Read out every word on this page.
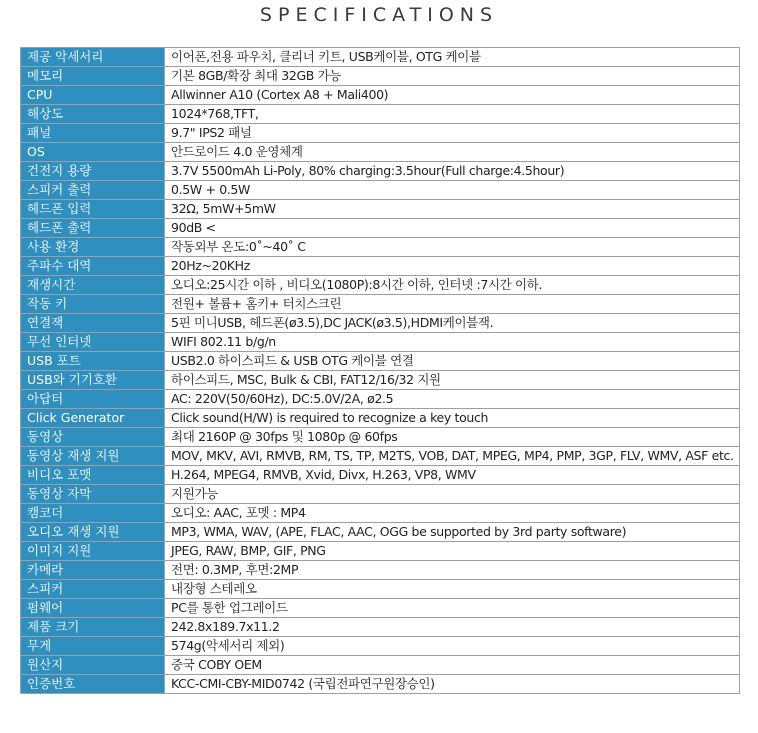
SPECIFICATIONS
제공 악세서리	이어폰,전용 파우치, 클리너 키트, USB케이블, OTG 케이블
메모리	기본 8GB/확장 최대 32GB 가능
CPU	Allwinner A10 (Cortex A8 + Mali400)
해상도	1024*768,TFT,
패널	9.7" IPS2 패널
OS	안드로이드 4.0 운영체계
건전지 용량	3.7V 5500mAh Li-Poly, 80% charging:3.5hour(Full charge:4.5hour)
스피커 출력	0.5W + 0.5W
헤드폰 입력	32Ω, 5mW+5mW
헤드폰 출력	90dB <
사용 환경	작동외부 온도:0˚~40˚ C
주파수 대역	20Hz~20KHz
재생시간	오디오:25시간 이하 , 비디오(1080P):8시간 이하, 인터넷 :7시간 이하.
작동 키	전원+ 볼륨+ 홈키+ 터치스크린
연결잭	5핀 미니USB, 헤드폰(ø3.5),DC JACK(ø3.5),HDMI케이블잭.
무선 인터넷	WIFI 802.11 b/g/n
USB 포트	USB2.0 하이스피드 & USB OTG 케이블 연결
USB와 기기호환	하이스피드, MSC, Bulk & CBI, FAT12/16/32 지원
아답터	AC: 220V(50/60Hz), DC:5.0V/2A, ø2.5
Click Generator	Click sound(H/W) is required to recognize a key touch
동영상	최대 2160P @ 30fps 및 1080p @ 60fps
동영상 재생 지원	MOV, MKV, AVI, RMVB, RM, TS, TP, M2TS, VOB, DAT, MPEG, MP4, PMP, 3GP, FLV, WMV, ASF etc.
비디오 포맷	H.264, MPEG4, RMVB, Xvid, Divx, H.263, VP8, WMV
동영상 자막	지원가능
캠코더	오디오: AAC, 포멧 : MP4
오디오 재생 지원	MP3, WMA, WAV, (APE, FLAC, AAC, OGG be supported by 3rd party software)
이미지 지원	JPEG, RAW, BMP, GIF, PNG
카메라	전면: 0.3MP, 후면:2MP
스피커	내장형 스테레오
펌웨어	PC를 통한 업그레이드
제품 크기	242.8x189.7x11.2
무게	574g(악세서리 제외)
원산지	중국 COBY OEM
인증번호	KCC-CMI-CBY-MID0742 (국립전파연구원장승인)
